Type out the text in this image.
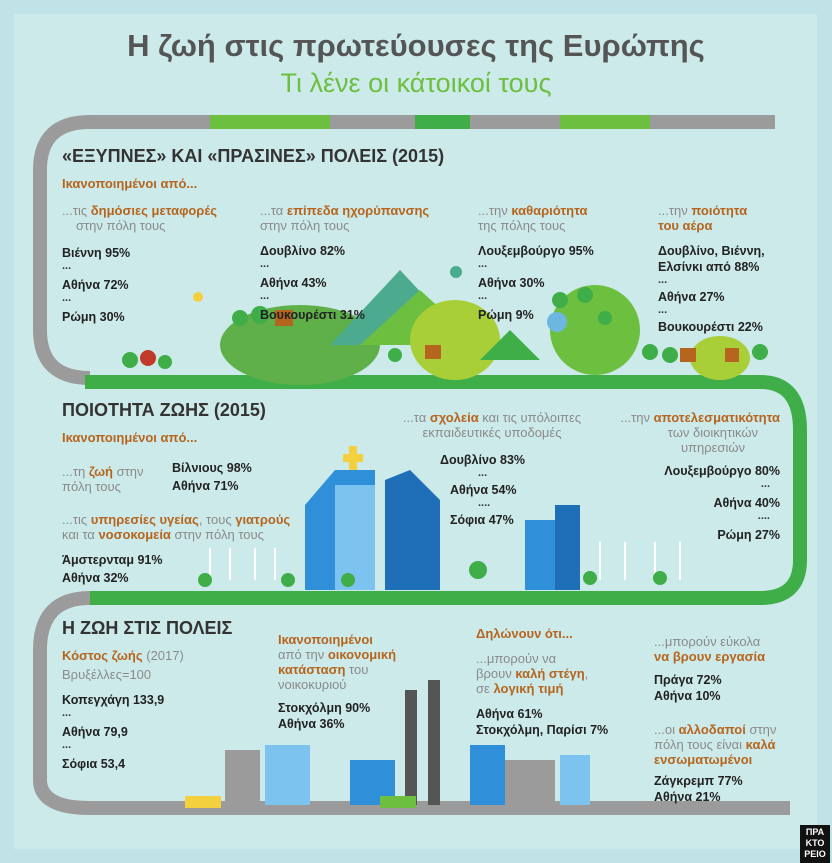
Η ζωή στις πρωτεύουσες της Ευρώπης
Τι λένε οι κάτοικοί τους
«ΕΞΥΠΝΕΣ» ΚΑΙ «ΠΡΑΣΙΝΕΣ» ΠΟΛΕΙΣ (2015)
Ικανοποιημένοι από...
...τις δημόσιες μεταφορές
στην πόλη τους
Βιέννη 95%
...
Αθήνα 72%
...
Ρώμη 30%
...τα επίπεδα ηχορύπανσης
στην πόλη τους
Δουβλίνο 82%
...
Αθήνα 43%
...
Βουκουρέστι 31%
...την καθαριότητα
της πόλης τους
Λουξεμβούργο 95%
...
Αθήνα 30%
...
Ρώμη 9%
...την ποιότητα
του αέρα
Δουβλίνο, Βιέννη,
Ελσίνκι από 88%
...
Αθήνα 27%
...
Βουκουρέστι 22%
ΠΟΙΟΤΗΤΑ ΖΩΗΣ (2015)
Ικανοποιημένοι από...
...τη ζωή στην
πόλη τους
Βίλνιους 98%
Αθήνα 71%
...τις υπηρεσίες υγείας, τους γιατρούς
και τα νοσοκομεία στην πόλη τους
Άμστερνταμ 91%
Αθήνα 32%
...τα σχολεία και τις υπόλοιπες
εκπαιδευτικές υποδομές
Δουβλίνο 83%
...
Αθήνα 54%
....
Σόφια 47%
...την αποτελεσματικότητα
των διοικητικών
υπηρεσιών
Λουξεμβούργο 80%
...
Αθήνα 40%
....
Ρώμη 27%
Η ΖΩΗ ΣΤΙΣ ΠΟΛΕΙΣ
Κόστος ζωής (2017)
Βρυξέλλες=100
Κοπεγχάγη 133,9
...
Αθήνα 79,9
...
Σόφια 53,4
Ικανοποιημένοι
από την οικονομική
κατάσταση του
νοικοκυριού
Στοκχόλμη 90%
Αθήνα 36%
Δηλώνουν ότι...
...μπορούν να
βρουν καλή στέγη,
σε λογική τιμή
Αθήνα 61%
Στοκχόλμη, Παρίσι 7%
...μπορούν εύκολα
να βρουν εργασία
Πράγα 72%
Αθήνα 10%
...οι αλλοδαποί στην
πόλη τους είναι καλά
ενσωματωμένοι
Ζάγκρεμπ 77%
Αθήνα 21%
ΠΡΑ
ΚΤΟ
ΡΕΙΟ
